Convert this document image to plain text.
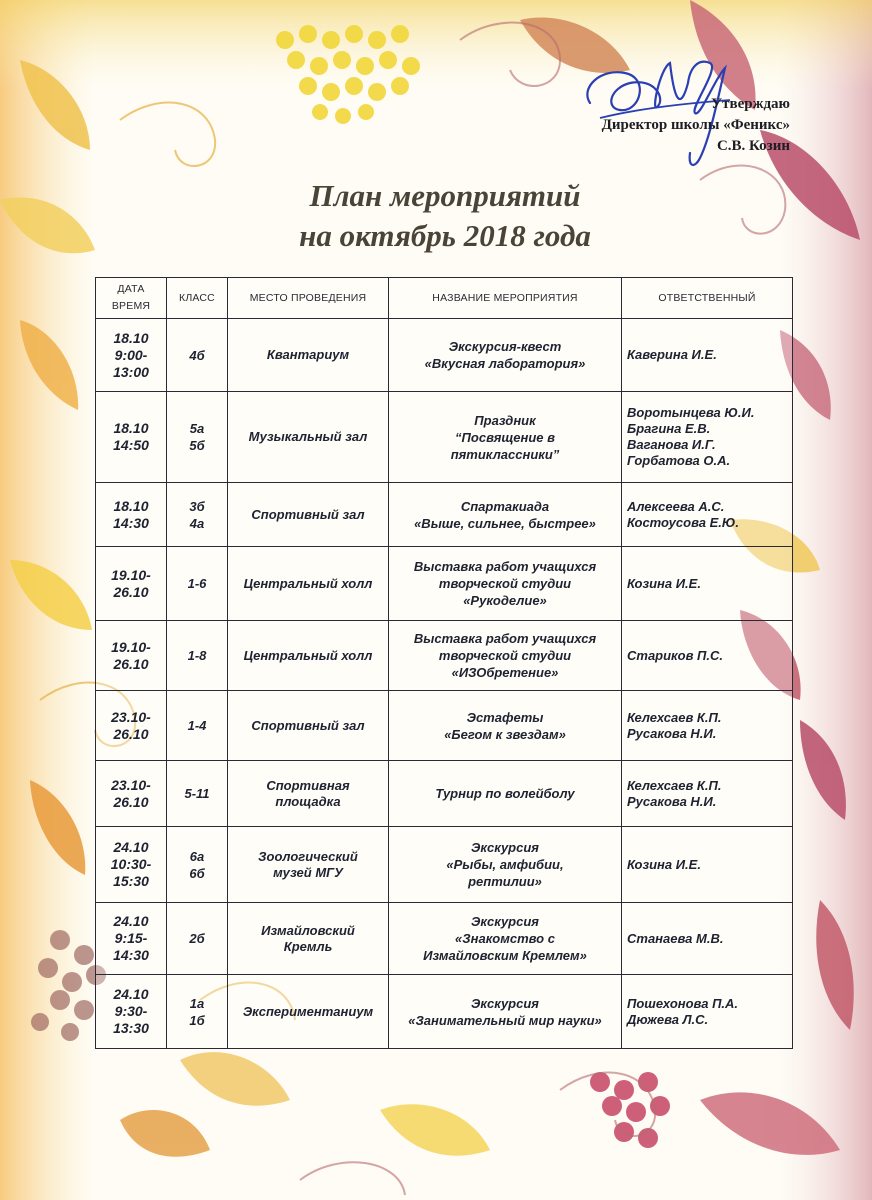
Утверждаю
Директор школы «Феникс»
С.В. Козин
План мероприятий
на октябрь 2018 года
ДАТА
ВРЕМЯ	КЛАСС	МЕСТО ПРОВЕДЕНИЯ	НАЗВАНИЕ МЕРОПРИЯТИЯ	ОТВЕТСТВЕННЫЙ

18.10
9:00-
13:00	4б	Квантариум	Экскурсия-квест
«Вкусная лаборатория»	Каверина И.Е.

18.10
14:50	5а
5б	Музыкальный зал	Праздник
“Посвящение в
пятиклассники”	Воротынцева Ю.И.
Брагина Е.В.
Ваганова И.Г.
Горбатова О.А.

18.10
14:30	3б
4а	Спортивный зал	Спартакиада
«Выше, сильнее, быстрее»	Алексеева А.С.
Костоусова Е.Ю.

19.10-
26.10	1-6	Центральный холл	Выставка работ учащихся
творческой студии
«Рукоделие»	Козина И.Е.

19.10-
26.10	1-8	Центральный холл	Выставка работ учащихся
творческой студии
«ИЗОбретение»	Стариков П.С.

23.10-
26.10	1-4	Спортивный зал	Эстафеты
«Бегом к звездам»	Келехсаев К.П.
Русакова Н.И.

23.10-
26.10	5-11	Спортивная
площадка	Турнир по волейболу	Келехсаев К.П.
Русакова Н.И.

24.10
10:30-
15:30	6а
6б	Зоологический
музей МГУ	Экскурсия
«Рыбы, амфибии,
рептилии»	Козина И.Е.

24.10
9:15-
14:30	2б	Измайловский
Кремль	Экскурсия
«Знакомство с
Измайловским Кремлем»	Станаева М.В.

24.10
9:30-
13:30	1а
1б	Экспериментаниум	Экскурсия
«Занимательный мир науки»	Пошехонова П.А.
Дюжева Л.С.
